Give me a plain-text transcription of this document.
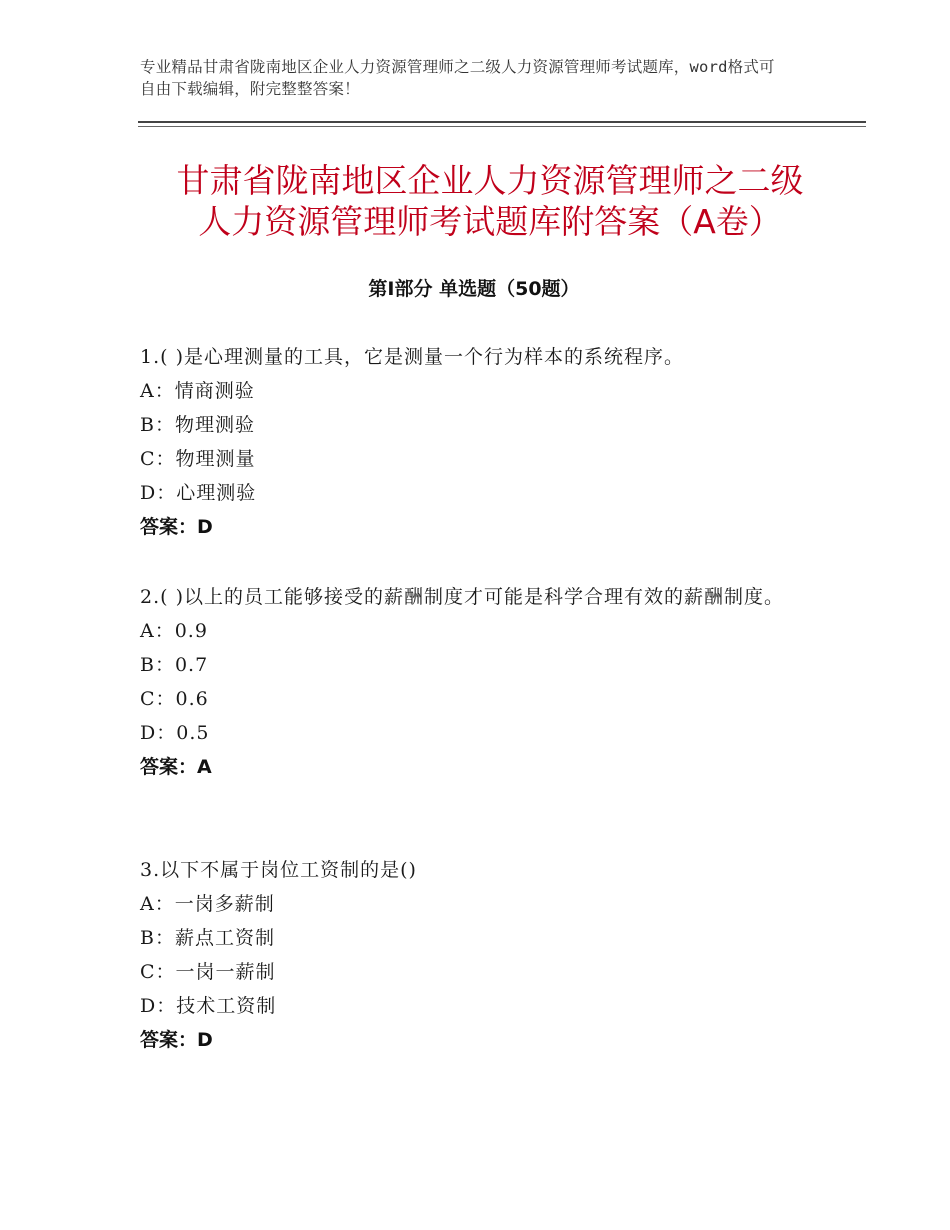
专业精品甘肃省陇南地区企业人力资源管理师之二级人力资源管理师考试题库，word格式可自由下载编辑，附完整整答案！
甘肃省陇南地区企业人力资源管理师之二级
人力资源管理师考试题库附答案（A卷）
第Ⅰ部分 单选题（50题）

1.( )是心理测量的工具，它是测量一个行为样本的系统程序。

A：情商测验

B：物理测验

C：物理测量

D：心理测验

答案：D

2.( )以上的员工能够接受的薪酬制度才可能是科学合理有效的薪酬制度。

A：0.9

B：0.7

C：0.6

D：0.5

答案：A

3.以下不属于岗位工资制的是()

A：一岗多薪制

B：薪点工资制

C：一岗一薪制

D：技术工资制

答案：D
